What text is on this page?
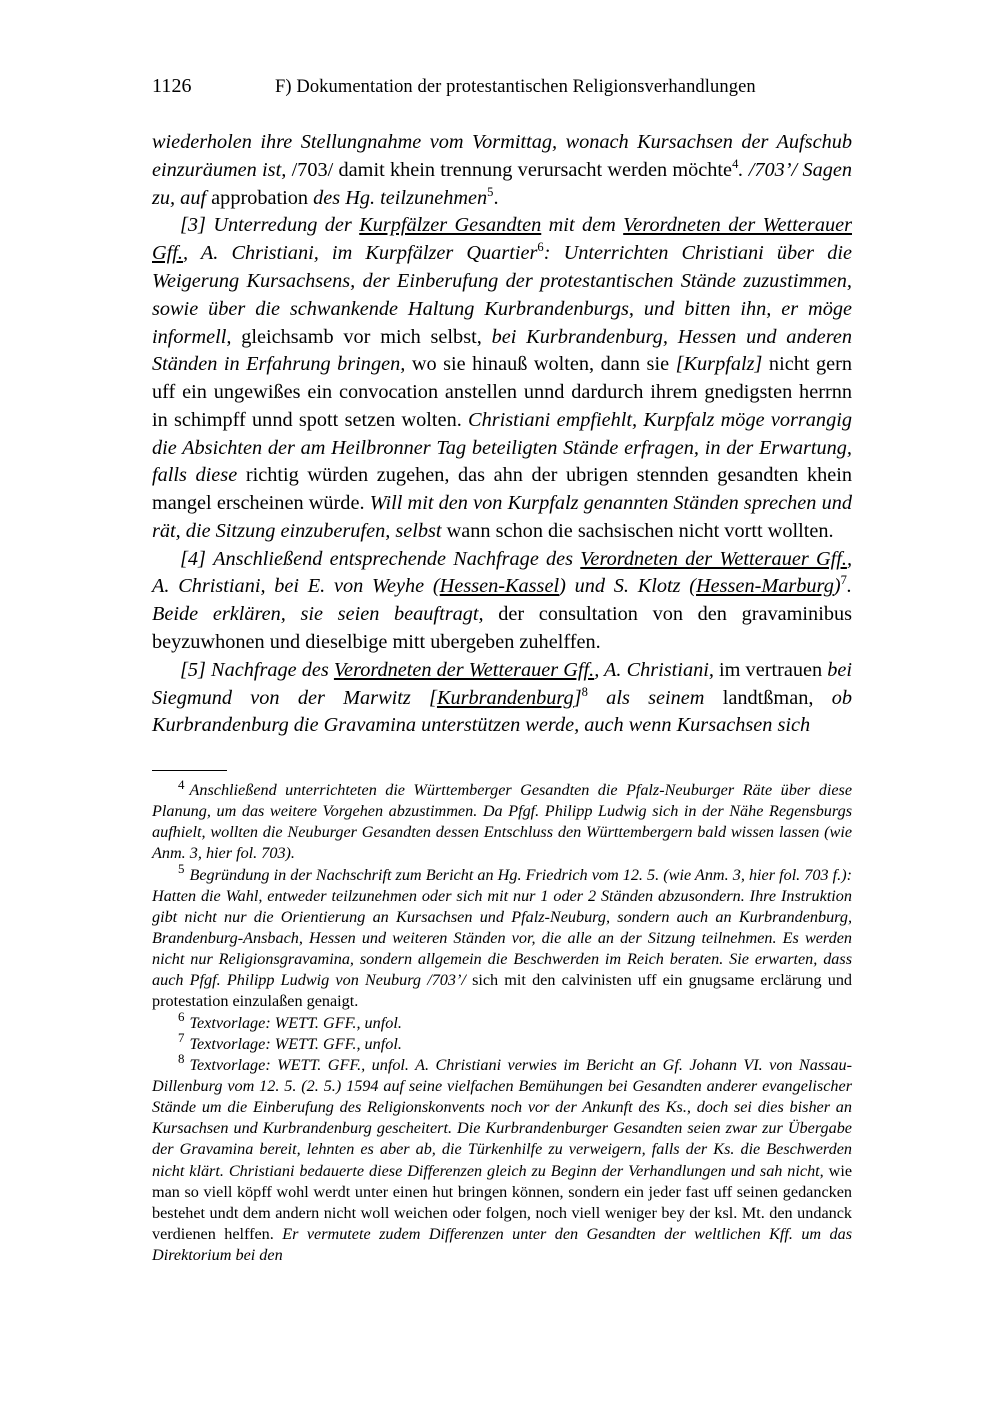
1126	F) Dokumentation der protestantischen Religionsverhandlungen

wiederholen ihre Stellungnahme vom Vormittag, wonach Kursachsen der Aufschub einzuräumen ist, /703/ damit khein trennung verursacht werden möchte$^4$. /703’/ Sagen zu, auf approbation des Hg. teilzunehmen$^5$.

[3] Unterredung der Kurpfälzer Gesandten mit dem Verordneten der Wetterauer Gff., A. Christiani, im Kurpfälzer Quartier$^6$: Unterrichten Christiani über die Weigerung Kursachsens, der Einberufung der protestantischen Stände zuzustimmen, sowie über die schwankende Haltung Kurbrandenburgs, und bitten ihn, er möge informell, gleichsamb vor mich selbst, bei Kurbrandenburg, Hessen und anderen Ständen in Erfahrung bringen, wo sie hinauß wolten, dann sie [Kurpfalz] nicht gern uff ein ungewißes ein convocation anstellen unnd dardurch ihrem gnedigsten herrnn in schimpff unnd spott setzen wolten. Christiani empfiehlt, Kurpfalz möge vorrangig die Absichten der am Heilbronner Tag beteiligten Stände erfragen, in der Erwartung, falls diese richtig würden zugehen, das ahn der ubrigen stennden gesandten khein mangel erscheinen würde. Will mit den von Kurpfalz genannten Ständen sprechen und rät, die Sitzung einzuberufen, selbst wann schon die sachsischen nicht vortt wollten.

[4] Anschließend entsprechende Nachfrage des Verordneten der Wetterauer Gff., A. Christiani, bei E. von Weyhe (Hessen-Kassel) und S. Klotz (Hessen-Marburg)$^7$. Beide erklären, sie seien beauftragt, der consultation von den gravaminibus beyzuwhonen und dieselbige mitt ubergeben zuhelffen.

[5] Nachfrage des Verordneten der Wetterauer Gff., A. Christiani, im vertrauen bei Siegmund von der Marwitz [Kurbrandenburg]$^8$ als seinem landtßman, ob Kurbrandenburg die Gravamina unterstützen werde, auch wenn Kursachsen sich

$^4$ Anschließend unterrichteten die Württemberger Gesandten die Pfalz-Neuburger Räte über diese Planung, um das weitere Vorgehen abzustimmen. Da Pfgf. Philipp Ludwig sich in der Nähe Regensburgs aufhielt, wollten die Neuburger Gesandten dessen Entschluss den Württembergern bald wissen lassen (wie Anm. 3, hier fol. 703).

$^5$ Begründung in der Nachschrift zum Bericht an Hg. Friedrich vom 12. 5. (wie Anm. 3, hier fol. 703 f.): Hatten die Wahl, entweder teilzunehmen oder sich mit nur 1 oder 2 Ständen abzusondern. Ihre Instruktion gibt nicht nur die Orientierung an Kursachsen und Pfalz-Neuburg, sondern auch an Kurbrandenburg, Brandenburg-Ansbach, Hessen und weiteren Ständen vor, die alle an der Sitzung teilnehmen. Es werden nicht nur Religionsgravamina, sondern allgemein die Beschwerden im Reich beraten. Sie erwarten, dass auch Pfgf. Philipp Ludwig von Neuburg /703’/ sich mit den calvinisten uff ein gnugsame erclärung und protestation einzulaßen genaigt.

$^6$ Textvorlage: WETT. GFF., unfol.

$^7$ Textvorlage: WETT. GFF., unfol.

$^8$ Textvorlage: WETT. GFF., unfol. A. Christiani verwies im Bericht an Gf. Johann VI. von Nassau-Dillenburg vom 12. 5. (2. 5.) 1594 auf seine vielfachen Bemühungen bei Gesandten anderer evangelischer Stände um die Einberufung des Religionskonvents noch vor der Ankunft des Ks., doch sei dies bisher an Kursachsen und Kurbrandenburg gescheitert. Die Kurbrandenburger Gesandten seien zwar zur Übergabe der Gravamina bereit, lehnten es aber ab, die Türkenhilfe zu verweigern, falls der Ks. die Beschwerden nicht klärt. Christiani bedauerte diese Differenzen gleich zu Beginn der Verhandlungen und sah nicht, wie man so viell köpff wohl werdt unter einen hut bringen können, sondern ein jeder fast uff seinen gedancken bestehet undt dem andern nicht woll weichen oder folgen, noch viell weniger bey der ksl. Mt. den undanck verdienen helffen. Er vermutete zudem Differenzen unter den Gesandten der weltlichen Kff. um das Direktorium bei den
